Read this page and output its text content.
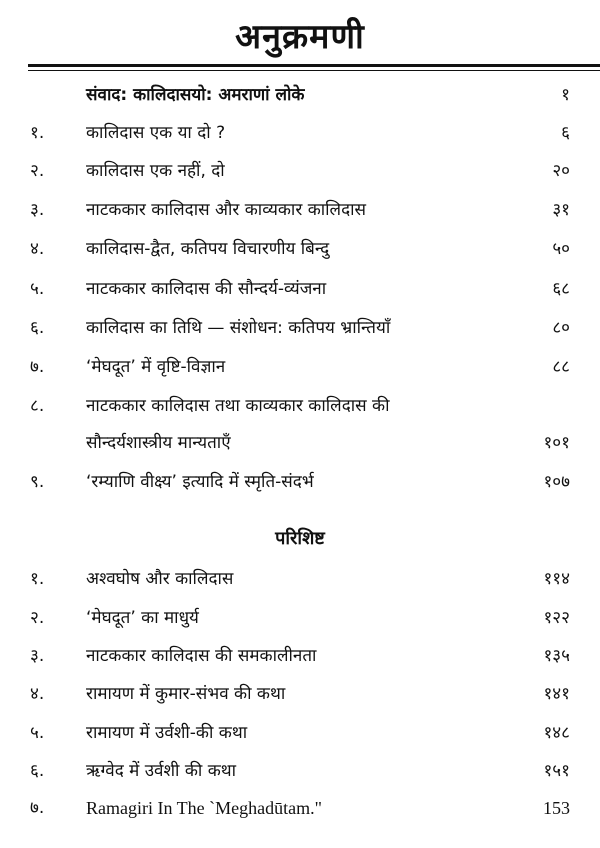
अनुक्रमणी
संवाद: कालिदासयो: अमराणां लोके	१
१.	कालिदास एक या दो ?	६
२.	कालिदास एक नहीं, दो	२०
३.	नाटककार कालिदास और काव्यकार कालिदास	३१
४.	कालिदास-द्वैत, कतिपय विचारणीय बिन्दु	५०
५.	नाटककार कालिदास की सौन्दर्य-व्यंजना	६८
६.	कालिदास का तिथि — संशोधन: कतिपय भ्रान्तियाँ	८०
७.	‘मेघदूत’ में वृष्टि-विज्ञान	८८
८.	नाटककार कालिदास तथा काव्यकार कालिदास की
सौन्दर्यशास्त्रीय मान्यताएँ	१०१
९.	‘रम्याणि वीक्ष्य’ इत्यादि में स्मृति-संदर्भ	१०७
परिशिष्ट
१.	अश्वघोष और कालिदास	११४
२.	‘मेघदूत’ का माधुर्य	१२२
३.	नाटककार कालिदास की समकालीनता	१३५
४.	रामायण में कुमार-संभव की कथा	१४१
५.	रामायण में उर्वशी-की कथा	१४८
६.	ऋग्वेद में उर्वशी की कथा	१५१
७.	Ramagiri In The `Meghadūtam."	153
